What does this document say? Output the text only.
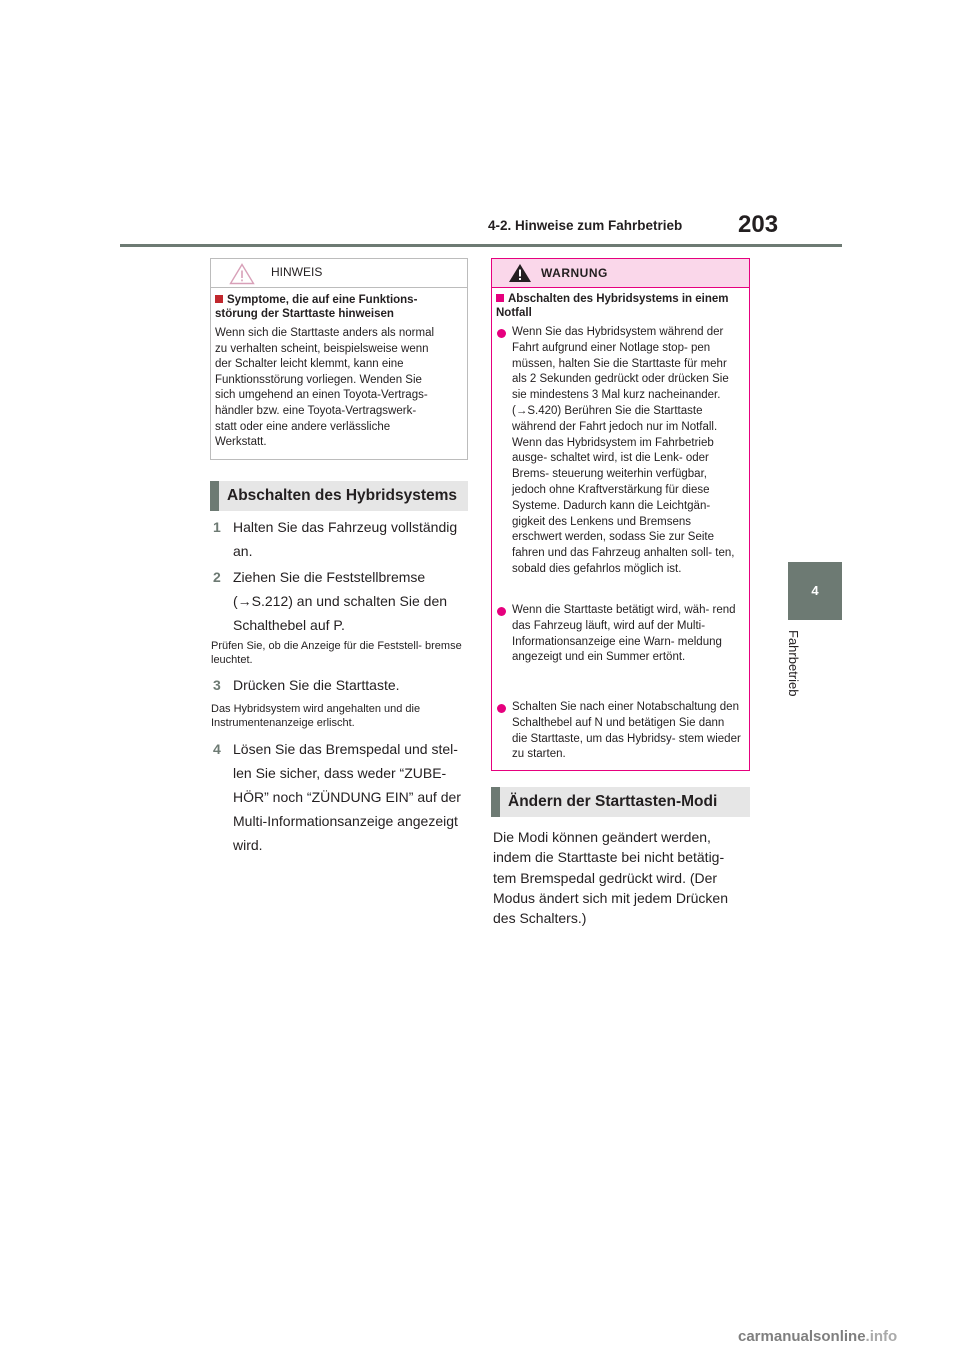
4-2. Hinweise zum Fahrbetrieb 203
4
Fahrbetrieb
HINWEIS
Symptome, die auf eine Funktions- störung der Starttaste hinweisen
Wenn sich die Starttaste anders als normal
zu verhalten scheint, beispielsweise wenn
der Schalter leicht klemmt, kann eine
Funktionsstörung vorliegen. Wenden Sie
sich umgehend an einen Toyota-Vertrags-
händler bzw. eine Toyota-Vertragswerk-
statt oder eine andere verlässliche
Werkstatt.
Abschalten des Hybridsystems
1 Halten Sie das Fahrzeug vollständig an.
2 Ziehen Sie die Feststellbremse (→S.212) an und schalten Sie den Schalthebel auf P.
Prüfen Sie, ob die Anzeige für die Feststell- bremse leuchtet.
3 Drücken Sie die Starttaste.
Das Hybridsystem wird angehalten und die Instrumentenanzeige erlischt.
4 Lösen Sie das Bremspedal und stel- len Sie sicher, dass weder “ZUBE- HÖR” noch “ZÜNDUNG EIN” auf der Multi-Informationsanzeige angezeigt wird.
WARNUNG
Abschalten des Hybridsystems in einem Notfall
Wenn Sie das Hybridsystem während der Fahrt aufgrund einer Notlage stop- pen müssen, halten Sie die Starttaste für mehr als 2 Sekunden gedrückt oder drücken Sie sie mindestens 3 Mal kurz nacheinander. (→S.420) Berühren Sie die Starttaste während der Fahrt jedoch nur im Notfall. Wenn das Hybridsystem im Fahrbetrieb ausge- schaltet wird, ist die Lenk- oder Brems- steuerung weiterhin verfügbar, jedoch ohne Kraftverstärkung für diese Systeme. Dadurch kann die Leichtgän- gigkeit des Lenkens und Bremsens erschwert werden, sodass Sie zur Seite fahren und das Fahrzeug anhalten soll- ten, sobald dies gefahrlos möglich ist.
Wenn die Starttaste betätigt wird, wäh- rend das Fahrzeug läuft, wird auf der Multi-Informationsanzeige eine Warn- meldung angezeigt und ein Summer ertönt.
Schalten Sie nach einer Notabschaltung den Schalthebel auf N und betätigen Sie dann die Starttaste, um das Hybridsy- stem wieder zu starten.
Ändern der Starttasten-Modi
Die Modi können geändert werden, indem die Starttaste bei nicht betätig- tem Bremspedal gedrückt wird. (Der Modus ändert sich mit jedem Drücken des Schalters.)
carmanualsonline.info
